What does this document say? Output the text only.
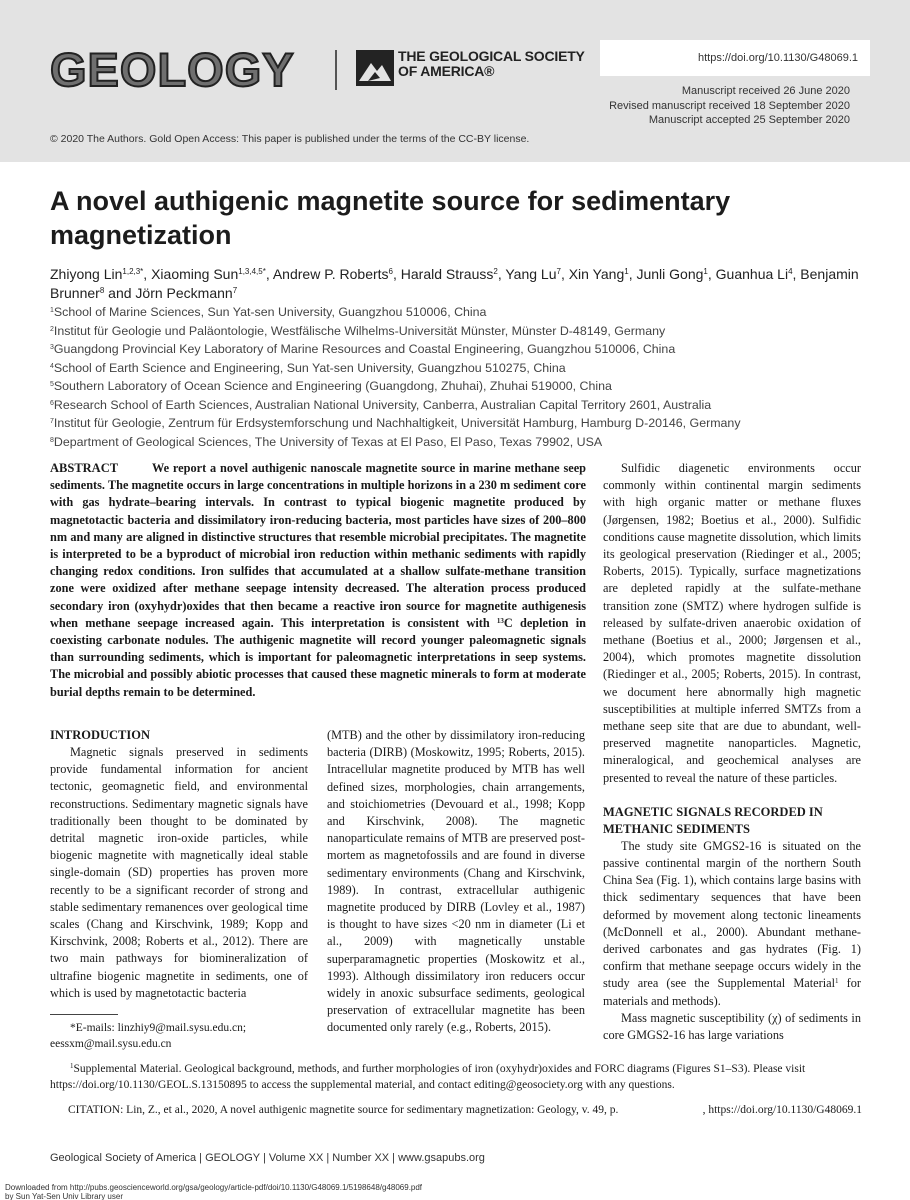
GEOLOGY	THE GEOLOGICAL SOCIETY
OF AMERICA®
https://doi.org/10.1130/G48069.1
Manuscript received 26 June 2020
Revised manuscript received 18 September 2020
Manuscript accepted 25 September 2020
© 2020 The Authors. Gold Open Access: This paper is published under the terms of the CC-BY license.
A novel authigenic magnetite source for sedimentary magnetization
Zhiyong Lin$^{1,2,3*}$, Xiaoming Sun$^{1,3,4,5*}$, Andrew P. Roberts$^6$, Harald Strauss$^2$, Yang Lu$^7$, Xin Yang$^1$, Junli Gong$^1$, Guanhua Li$^4$, Benjamin Brunner$^8$ and Jörn Peckmann$^7$
$^1$School of Marine Sciences, Sun Yat-sen University, Guangzhou 510006, China
$^2$Institut für Geologie und Paläontologie, Westfälische Wilhelms-Universität Münster, Münster D-48149, Germany
$^3$Guangdong Provincial Key Laboratory of Marine Resources and Coastal Engineering, Guangzhou 510006, China
$^4$School of Earth Science and Engineering, Sun Yat-sen University, Guangzhou 510275, China
$^5$Southern Laboratory of Ocean Science and Engineering (Guangdong, Zhuhai), Zhuhai 519000, China
$^6$Research School of Earth Sciences, Australian National University, Canberra, Australian Capital Territory 2601, Australia
$^7$Institut für Geologie, Zentrum für Erdsystemforschung und Nachhaltigkeit, Universität Hamburg, Hamburg D-20146, Germany
$^8$Department of Geological Sciences, The University of Texas at El Paso, El Paso, Texas 79902, USA
ABSTRACT	We report a novel authigenic nanoscale magnetite source in marine methane seep sediments. The magnetite occurs in large concentrations in multiple horizons in a 230 m sediment core with gas hydrate–bearing intervals. In contrast to typical biogenic magnetite produced by magnetotactic bacteria and dissimilatory iron-reducing bacteria, most particles have sizes of 200–800 nm and many are aligned in distinctive structures that resemble microbial precipitates. The magnetite is interpreted to be a byproduct of microbial iron reduction within methanic sediments with rapidly changing redox conditions. Iron sulfides that accumulated at a shallow sulfate-methane transition zone were oxidized after methane seepage intensity decreased. The alteration process produced secondary iron (oxyhydr)oxides that then became a reactive iron source for magnetite authigenesis when methane seepage increased again. This interpretation is consistent with $^{13}$C depletion in coexisting carbonate nodules. The authigenic magnetite will record younger paleomagnetic signals than surrounding sediments, which is important for paleomagnetic interpretations in seep systems. The microbial and possibly abiotic processes that caused these magnetic minerals to form at moderate burial depths remain to be determined.
INTRODUCTION

Magnetic signals preserved in sediments provide fundamental information for ancient tectonic, geomagnetic field, and environmental reconstructions. Sedimentary magnetic signals have traditionally been thought to be dominated by detrital magnetic iron-oxide particles, while biogenic magnetite with magnetically ideal stable single-domain (SD) properties has proven more recently to be a significant recorder of strong and stable sedimentary remanences over geological time scales (Chang and Kirschvink, 1989; Kopp and Kirschvink, 2008; Roberts et al., 2012). There are two main pathways for biomineralization of ultrafine biogenic magnetite in sediments, one of which is used by magnetotactic bacteria

(MTB) and the other by dissimilatory iron-reducing bacteria (DIRB) (Moskowitz, 1995; Roberts, 2015). Intracellular magnetite produced by MTB has well defined sizes, morphologies, chain arrangements, and stoichiometries (Devouard et al., 1998; Kopp and Kirschvink, 2008). The magnetic nanoparticulate remains of MTB are preserved post-mortem as magnetofossils and are found in diverse sedimentary environments (Chang and Kirschvink, 1989). In contrast, extracellular authigenic magnetite produced by DIRB (Lovley et al., 1987) is thought to have sizes <20 nm in diameter (Li et al., 2009) with magnetically unstable superparamagnetic properties (Moskowitz et al., 1993). Although dissimilatory iron reducers occur widely in anoxic subsurface sediments, geological preservation of extracellular magnetite has been documented only rarely (e.g., Roberts, 2015).

Sulfidic diagenetic environments occur commonly within continental margin sediments with high organic matter or methane fluxes (Jørgensen, 1982; Boetius et al., 2000). Sulfidic conditions cause magnetite dissolution, which limits its geological preservation (Riedinger et al., 2005; Roberts, 2015). Typically, surface magnetizations are depleted rapidly at the sulfate-methane transition zone (SMTZ) where hydrogen sulfide is released by sulfate-driven anaerobic oxidation of methane (Boetius et al., 2000; Jørgensen et al., 2004), which promotes magnetite dissolution (Riedinger et al., 2005; Roberts, 2015). In contrast, we document here abnormally high magnetic susceptibilities at multiple inferred SMTZs from a methane seep site that are due to abundant, well-preserved magnetite nanoparticles. Magnetic, mineralogical, and geochemical analyses are presented to reveal the nature of these particles.

MAGNETIC SIGNALS RECORDED IN METHANIC SEDIMENTS

The study site GMGS2-16 is situated on the passive continental margin of the northern South China Sea (Fig. 1), which contains large basins with thick sedimentary sequences that have been deformed by movement along tectonic lineaments (McDonnell et al., 2000). Abundant methane-derived carbonates and gas hydrates (Fig. 1) confirm that methane seepage occurs widely in the study area (see the Supplemental Material$^1$ for materials and methods).

Mass magnetic susceptibility (χ) of sediments in core GMGS2-16 has large variations

*E-mails: linzhiy9@mail.sysu.edu.cn; eessxm@mail.sysu.edu.cn
$^1$Supplemental Material. Geological background, methods, and further morphologies of iron (oxyhydr)oxides and FORC diagrams (Figures S1–S3). Please visit https://doi.org/10.1130/GEOL.S.13150895 to access the supplemental material, and contact editing@geosociety.org with any questions.
CITATION: Lin, Z., et al., 2020, A novel authigenic magnetite source for sedimentary magnetization: Geology, v. 49, p.	, https://doi.org/10.1130/G48069.1
Geological Society of America | GEOLOGY | Volume XX | Number XX | www.gsapubs.org
Downloaded from http://pubs.geoscienceworld.org/gsa/geology/article-pdf/doi/10.1130/G48069.1/5198648/g48069.pdf
by Sun Yat-Sen Univ Library user
